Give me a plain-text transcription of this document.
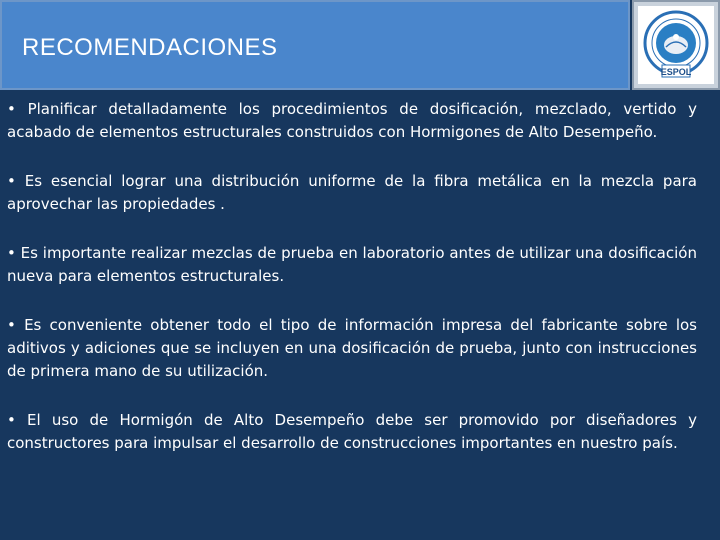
RECOMENDACIONES
ESPOL

• Planificar detalladamente los procedimientos de dosificación, mezclado, vertido y acabado de elementos estructurales construidos con Hormigones de Alto Desempeño.

• Es esencial lograr una distribución uniforme de la fibra metálica en la mezcla para aprovechar las propiedades .

• Es importante realizar mezclas de prueba en laboratorio antes de utilizar una dosificación nueva para elementos estructurales.

• Es conveniente obtener todo el tipo de información impresa del fabricante sobre los aditivos y adiciones que se incluyen en una dosificación de prueba, junto con instrucciones de primera mano de su utilización.

• El uso de Hormigón de Alto Desempeño debe ser promovido por diseñadores y constructores para impulsar el desarrollo de construcciones importantes en nuestro país.
